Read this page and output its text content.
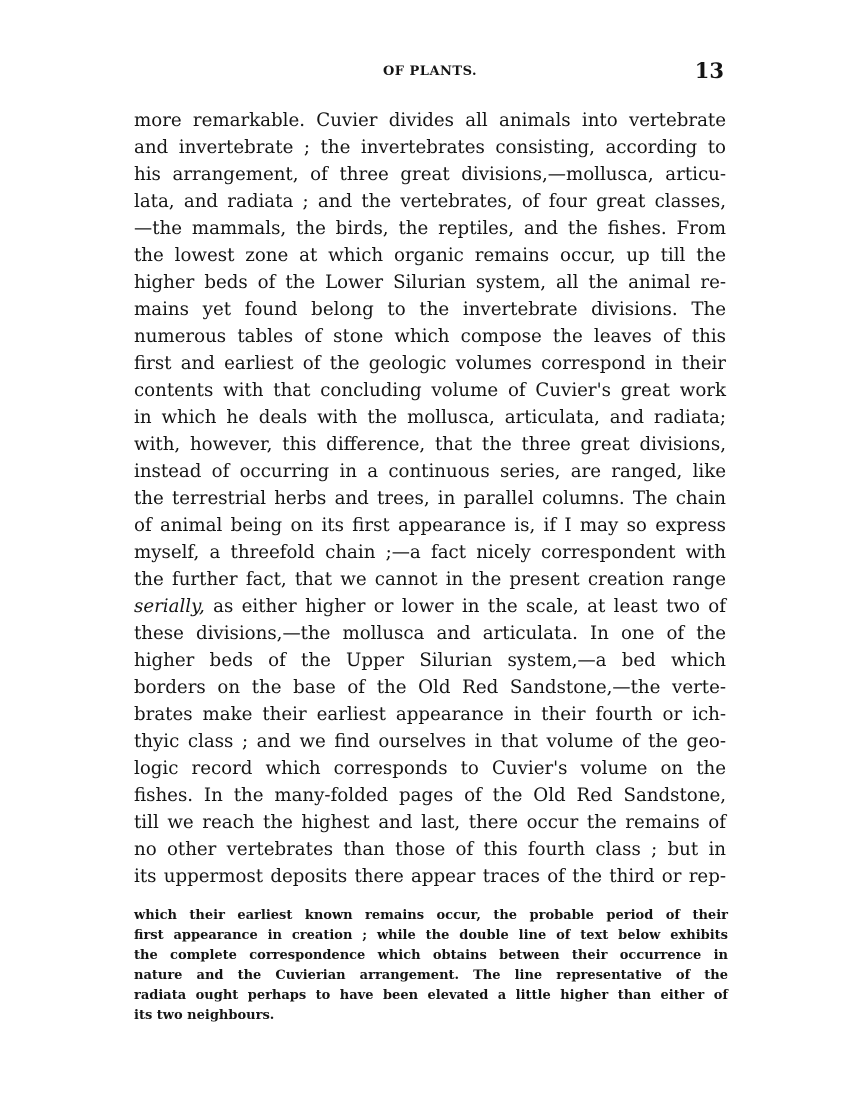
OF PLANTS.	13
more remarkable. Cuvier divides all animals into vertebrate
and invertebrate ; the invertebrates consisting, according to
his arrangement, of three great divisions,—mollusca, articu-
lata, and radiata ; and the vertebrates, of four great classes,
—the mammals, the birds, the reptiles, and the fishes. From
the lowest zone at which organic remains occur, up till the
higher beds of the Lower Silurian system, all the animal re-
mains yet found belong to the invertebrate divisions. The
numerous tables of stone which compose the leaves of this
first and earliest of the geologic volumes correspond in their
contents with that concluding volume of Cuvier's great work
in which he deals with the mollusca, articulata, and radiata;
with, however, this difference, that the three great divisions,
instead of occurring in a continuous series, are ranged, like
the terrestrial herbs and trees, in parallel columns. The chain
of animal being on its first appearance is, if I may so express
myself, a threefold chain ;—a fact nicely correspondent with
the further fact, that we cannot in the present creation range
serially, as either higher or lower in the scale, at least two of
these divisions,—the mollusca and articulata. In one of the
higher beds of the Upper Silurian system,—a bed which
borders on the base of the Old Red Sandstone,—the verte-
brates make their earliest appearance in their fourth or ich-
thyic class ; and we find ourselves in that volume of the geo-
logic record which corresponds to Cuvier's volume on the
fishes. In the many-folded pages of the Old Red Sandstone,
till we reach the highest and last, there occur the remains of
no other vertebrates than those of this fourth class ; but in
its uppermost deposits there appear traces of the third or rep-
which their earliest known remains occur, the probable period of their
first appearance in creation ; while the double line of text below exhibits
the complete correspondence which obtains between their occurrence in
nature and the Cuvierian arrangement. The line representative of the
radiata ought perhaps to have been elevated a little higher than either of
its two neighbours.
